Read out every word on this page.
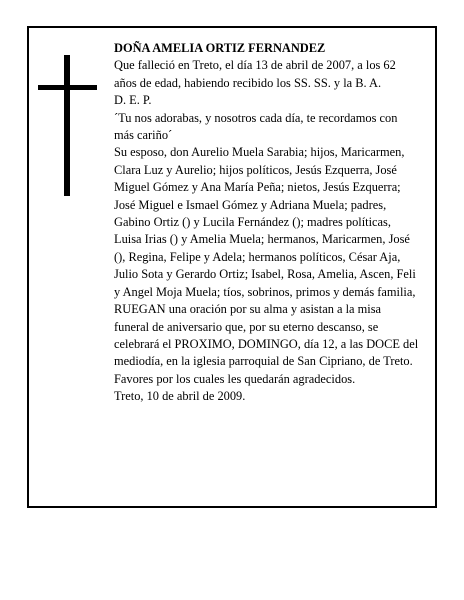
DOÑA AMELIA ORTIZ FERNANDEZ

Que falleció en Treto, el día 13 de abril de 2007, a los 62 años de edad, habiendo recibido los SS. SS. y la B. A.

D. E. P.

´Tu nos adorabas, y nosotros cada día, te recordamos con más cariño´

Su esposo, don Aurelio Muela Sarabia; hijos, Maricarmen, Clara Luz y Aurelio; hijos políticos, Jesús Ezquerra, José Miguel Gómez y Ana María Peña; nietos, Jesús Ezquerra; José Miguel e Ismael Gómez y Adriana Muela; padres, Gabino Ortiz () y Lucila Fernández (); madres políticas, Luisa Irias () y Amelia Muela; hermanos, Maricarmen, José (), Regina, Felipe y Adela; hermanos políticos, César Aja, Julio Sota y Gerardo Ortiz; Isabel, Rosa, Amelia, Ascen, Feli y Angel Moja Muela; tíos, sobrinos, primos y demás familia,

RUEGAN una oración por su alma y asistan a la misa funeral de aniversario que, por su eterno descanso, se celebrará el PROXIMO, DOMINGO, día 12, a las DOCE del mediodía, en la iglesia parroquial de San Cipriano, de Treto. Favores por los cuales les quedarán agradecidos.

Treto, 10 de abril de 2009.
